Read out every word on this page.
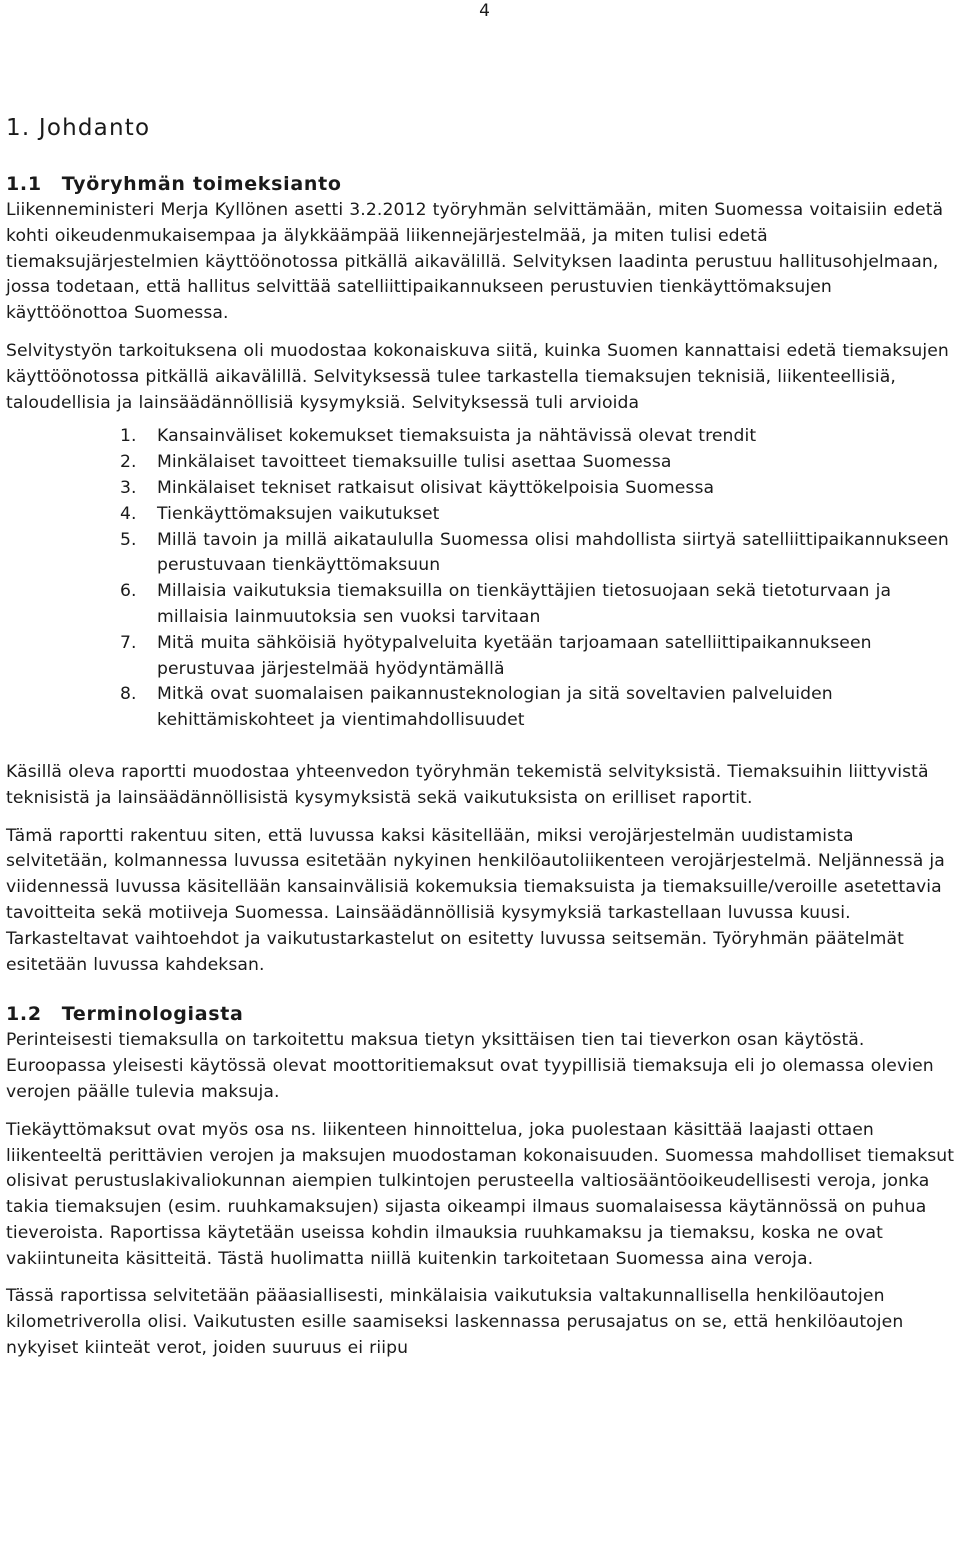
4
1. Johdanto
1.1 Työryhmän toimeksianto

Liikenneministeri Merja Kyllönen asetti 3.2.2012 työryhmän selvittämään, miten Suomessa voitaisiin edetä kohti oikeudenmukaisempaa ja älykkäämpää liikennejärjestelmää, ja miten tulisi edetä tiemaksujärjestelmien käyttöönotossa pitkällä aikavälillä. Selvityksen laadinta perustuu hallitusohjelmaan, jossa todetaan, että hallitus selvittää satelliittipaikannukseen perustuvien tienkäyttömaksujen käyttöönottoa Suomessa.

Selvitystyön tarkoituksena oli muodostaa kokonaiskuva siitä, kuinka Suomen kannattaisi edetä tiemaksujen käyttöönotossa pitkällä aikavälillä. Selvityksessä tulee tarkastella tiemaksujen teknisiä, liikenteellisiä, taloudellisia ja lainsäädännöllisiä kysymyksiä. Selvityksessä tuli arvioida

1. Kansainväliset kokemukset tiemaksuista ja nähtävissä olevat trendit
2. Minkälaiset tavoitteet tiemaksuille tulisi asettaa Suomessa
3. Minkälaiset tekniset ratkaisut olisivat käyttökelpoisia Suomessa
4. Tienkäyttömaksujen vaikutukset
5. Millä tavoin ja millä aikataululla Suomessa olisi mahdollista siirtyä satelliittipaikannukseen perustuvaan tienkäyttömaksuun
6. Millaisia vaikutuksia tiemaksuilla on tienkäyttäjien tietosuojaan sekä tietoturvaan ja millaisia lainmuutoksia sen vuoksi tarvitaan
7. Mitä muita sähköisiä hyötypalveluita kyetään tarjoamaan satelliittipaikannukseen perustuvaa järjestelmää hyödyntämällä
8. Mitkä ovat suomalaisen paikannusteknologian ja sitä soveltavien palveluiden kehittämiskohteet ja vientimahdollisuudet

Käsillä oleva raportti muodostaa yhteenvedon työryhmän tekemistä selvityksistä. Tiemaksuihin liittyvistä teknisistä ja lainsäädännöllisistä kysymyksistä sekä vaikutuksista on erilliset raportit.

Tämä raportti rakentuu siten, että luvussa kaksi käsitellään, miksi verojärjestelmän uudistamista selvitetään, kolmannessa luvussa esitetään nykyinen henkilöautoliikenteen verojärjestelmä. Neljännessä ja viidennessä luvussa käsitellään kansainvälisiä kokemuksia tiemaksuista ja tiemaksuille/veroille asetettavia tavoitteita sekä motiiveja Suomessa. Lainsäädännöllisiä kysymyksiä tarkastellaan luvussa kuusi. Tarkasteltavat vaihtoehdot ja vaikutustarkastelut on esitetty luvussa seitsemän. Työryhmän päätelmät esitetään luvussa kahdeksan.

1.2 Terminologiasta

Perinteisesti tiemaksulla on tarkoitettu maksua tietyn yksittäisen tien tai tieverkon osan käytöstä. Euroopassa yleisesti käytössä olevat moottoritiemaksut ovat tyypillisiä tiemaksuja eli jo olemassa olevien verojen päälle tulevia maksuja.

Tiekäyttömaksut ovat myös osa ns. liikenteen hinnoittelua, joka puolestaan käsittää laajasti ottaen liikenteeltä perittävien verojen ja maksujen muodostaman kokonaisuuden. Suomessa mahdolliset tiemaksut olisivat perustuslakivaliokunnan aiempien tulkintojen perusteella valtiosääntöoikeudellisesti veroja, jonka takia tiemaksujen (esim. ruuhkamaksujen) sijasta oikeampi ilmaus suomalaisessa käytännössä on puhua tieveroista. Raportissa käytetään useissa kohdin ilmauksia ruuhkamaksu ja tiemaksu, koska ne ovat vakiintuneita käsitteitä. Tästä huolimatta niillä kuitenkin tarkoitetaan Suomessa aina veroja.

Tässä raportissa selvitetään pääasiallisesti, minkälaisia vaikutuksia valtakunnallisella henkilöautojen kilometriverolla olisi. Vaikutusten esille saamiseksi laskennassa perusajatus on se, että henkilöautojen nykyiset kiinteät verot, joiden suuruus ei riipu
